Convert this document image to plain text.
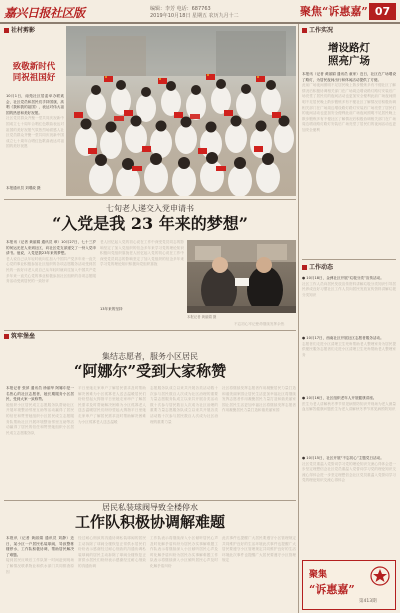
嘉兴日报社区版	编辑：李芳 电话：687763
2019年10月18日 星期五 农历九月十二	聚焦“诉惠嘉” 07
社村剪影
致敬新时代
同祝祖国好
10月1日，南苑社区居委举办联欢会，社区党员和居民们手持国旗，高唱《我和我的祖国》，表达对伟大祖国的热爱和美好祝愿。
社区党员群众齐聚一堂共同庆祝新中国成立七十周年合唱红色歌曲表达对祖国的美好祝愿气氛热烈场面感人社区党员群众齐聚一堂共同庆祝新中国成立七十周年合唱红色歌曲表达对祖国的美好祝愿
本报通讯员 刘增政 摄
七旬老人递交入党申请书
“入党是我 23 年来的梦想”
本报讯（记者 黄丽娟 通讯员 章）10月27日，七十三岁的何运光老人来到社区，向社区党支部递交了一份入党申请书。他说，入党是我23年来的梦想。
老人说自己从年轻时就向往加入中国共产党多年来一直关心党的事业积极参加社区组织的各项志愿服务活动受到居民的一致好评老人说自己从年轻时就向往加入中国共产党多年来一直关心党的事业积极参加社区组织的各项志愿服务活动受到居民的一致好评
老人回忆起入党的初心说在工作中深受党员同志的影响坚定了加入党组织的信念多年来学习党的理论知识积极向党组织靠拢老人回忆起入党的初心说在工作中深受党员同志的影响坚定了加入党组织的信念多年来学习党的理论知识积极向党组织靠拢
13年来的坚持
本报记者 黄丽娟 摄
不忘初心牢记使命继续发挥余热
筑牢堡垒
集结志愿者，服务小区居民
“阿娜尔”受到大家称赞
本报记者 张萍 通讯员 徐丽华 阿娜尔是一名热心的社区志愿者，她长期服务小区居民，受到大家一致称赞。
她组织小区居民成立志愿服务队帮助社区开展环境整治邻里互助等活动赢得了居民的信任和赞誉她组织小区居民成立志愿服务队帮助社区开展环境整治邻里互助等活动赢得了居民的信任和赞誉她组织小区居民成立志愿服务队
平日里她走家串户了解居民需求及时帮助解决困难为小区孤寡老人送去温暖居民们纷纷竖起大拇指平日里她走家串户了解居民需求及时帮助解决困难为小区孤寡老人送去温暖居民们纷纷竖起大拇指平日里她走家串户了解居民需求及时帮助解决困难为小区孤寡老人送去温暖
志愿服务队成立以来共开展各类活动数十次参与居民数百人次成为社区治理的重要力量志愿服务队成立以来共开展各类活动数十次参与居民数百人次成为社区治理的重要力量志愿服务队成立以来共开展各类活动数十次参与居民数百人次成为社区治理的重要力量
社区将继续发挥志愿者作用凝聚居民力量打造和谐美丽家园让居民生活更加幸福社区将继续发挥志愿者作用凝聚居民力量打造和谐美丽家园让居民生活更加幸福社区将继续发挥志愿者作用凝聚居民力量打造和谐美丽家园
居民私装球阀导致全楼停水
工作队积极协调解难题
本报讯（记者 黄丽娟 通讯员 刘静）近日，某小区一户居民私装球阀，导致整栋楼停水，工作队积极协调，帮助居民解决了难题。
接到居民反映后工作队第一时间赶到现场了解情况联系物业和供水部门共同排查原因
经过耐心细致的沟通协调私装球阀的居民主动拆除了球阀全楼恢复正常供水居民们纷纷表示感谢经过耐心细致的沟通协调私装球阀的居民主动拆除了球阀全楼恢复正常供水居民们纷纷表示感谢经过耐心细致的沟通协调
工作队表示将继续深入小区倾听居民心声及时化解矛盾纠纷为居民办实事解难题工作队表示将继续深入小区倾听居民心声及时化解矛盾纠纷为居民办实事解难题工作队表示将继续深入小区倾听居民心声及时化解矛盾纠纷
此次事件也提醒广大居民要遵守小区管理规定共同维护良好的生活环境此次事件也提醒广大居民要遵守小区管理规定共同维护良好的生活环境此次事件也提醒广大居民要遵守小区管理规定
工作实况
增设路灯
照亮广场
本报讯（记者 黄丽娟 通讯员 童家）近日，社区在广场增设了路灯，为居民夜间出行和休闲活动提供了方便。
此前广场夜间照明不足居民晚上散步锻炼多有不便社区了解情况后积极协调相关部门在广场周边增设路灯路灯安装后广场亮堂了居民们的夜间活动也更加安全便利此前广场夜间照明不足居民晚上散步锻炼多有不便社区了解情况后积极协调相关部门在广场周边增设路灯路灯安装后广场亮堂了居民们的夜间活动也更加安全便利此前广场夜间照明不足居民晚上散步锻炼多有不便社区了解情况后积极协调相关部门在广场周边增设路灯路灯安装后广场亮堂了居民们的夜间活动也更加安全便利
工作动态
● 10月18日，金洲社区开展“垃圾分类”宣传活动。
社区工作人员向居民发放宣传资料讲解垃圾分类知识引导居民养成良好习惯社区工作人员向居民发放宣传资料讲解垃圾分类知识
● 10月17日，西南社区开展社区志愿者服务活动。
志愿者们走进小区清理卫生死角帮助老人整理家务为居民提供便民服务志愿者们走进小区清理卫生死角帮助老人整理家务
● 10月16日，社区组织老年人开展健康讲座。
医生为老人讲解秋冬季节常见病预防知识并现场为老人测量血压解答健康问题医生为老人讲解秋冬季节常见病预防知识
● 10月15日，社区开展“不忘初心”主题党日活动。
社区党员重温入党誓词学习党的理论知识交流心得体会进一步坚定理想信念社区党员重温入党誓词学习党的理论知识交流心得体会进一步坚定理想信念社区党员重温入党誓词学习党的理论知识交流心得体会
聚集
“诉惠嘉”
第413期
